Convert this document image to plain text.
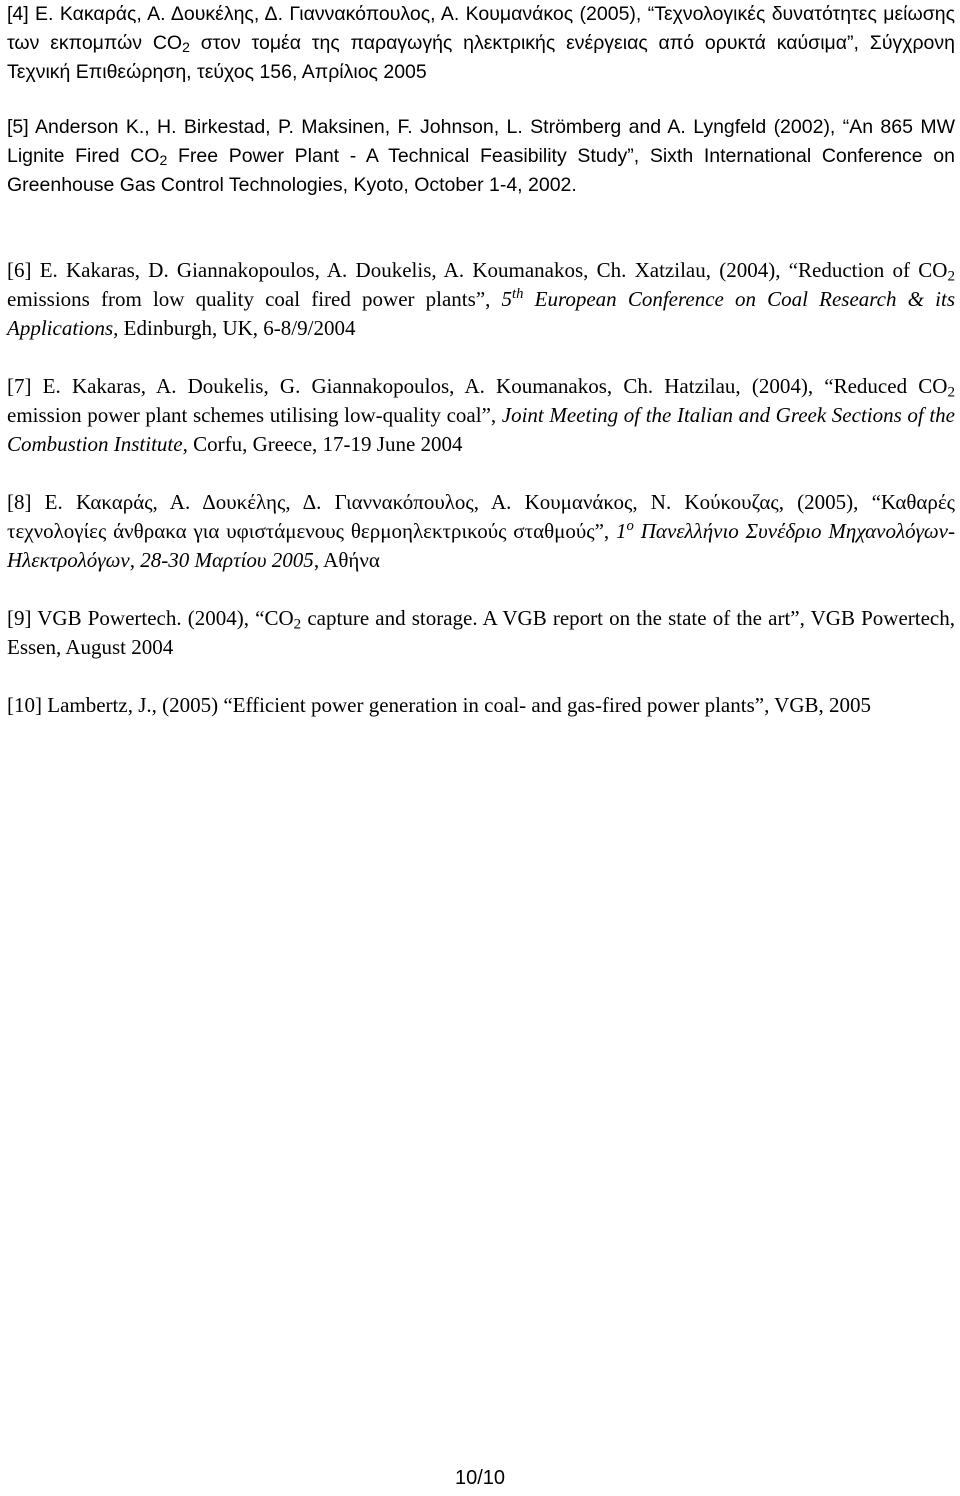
[4] Ε. Κακαράς, Α. Δουκέλης, Δ. Γιαννακόπουλος, Α. Κουμανάκος (2005), “Τεχνολογικές δυνατότητες μείωσης των εκπομπών $CO_2$ στον τομέα της παραγωγής ηλεκτρικής ενέργειας από ορυκτά καύσιμα”, Σύγχρονη Τεχνική Επιθεώρηση, τεύχος 156, Απρίλιος 2005

[5] Anderson K., H. Birkestad, P. Maksinen, F. Johnson, L. Strömberg and A. Lyngfeld (2002), “An 865 MW Lignite Fired $CO_2$ Free Power Plant - A Technical Feasibility Study”, Sixth International Conference on Greenhouse Gas Control Technologies, Kyoto, October 1-4, 2002.

[6] E. Kakaras, D. Giannakopoulos, A. Doukelis, A. Koumanakos, Ch. Xatzilau, (2004), “Reduction of $CO_2$ emissions from low quality coal fired power plants”, 5th European Conference on Coal Research & its Applications, Edinburgh, UK, 6-8/9/2004

[7] E. Kakaras, A. Doukelis, G. Giannakopoulos, A. Koumanakos, Ch. Hatzilau, (2004), “Reduced $CO_2$ emission power plant schemes utilising low-quality coal”, Joint Meeting of the Italian and Greek Sections of the Combustion Institute, Corfu, Greece, 17-19 June 2004

[8] Ε. Κακαράς, Α. Δουκέλης, Δ. Γιαννακόπουλος, Α. Κουμανάκος, Ν. Κούκουζας, (2005), “Καθαρές τεχνολογίες άνθρακα για υφιστάμενους θερμοηλεκτρικούς σταθμούς”, $1^o$ Πανελλήνιο Συνέδριο Μηχανολόγων-Ηλεκτρολόγων, 28-30 Μαρτίου 2005, Αθήνα

[9] VGB Powertech. (2004), “$CO_2$ capture and storage. A VGB report on the state of the art”, VGB Powertech, Essen, August 2004

[10] Lambertz, J., (2005) “Efficient power generation in coal- and gas-fired power plants”, VGB, 2005

10/10
